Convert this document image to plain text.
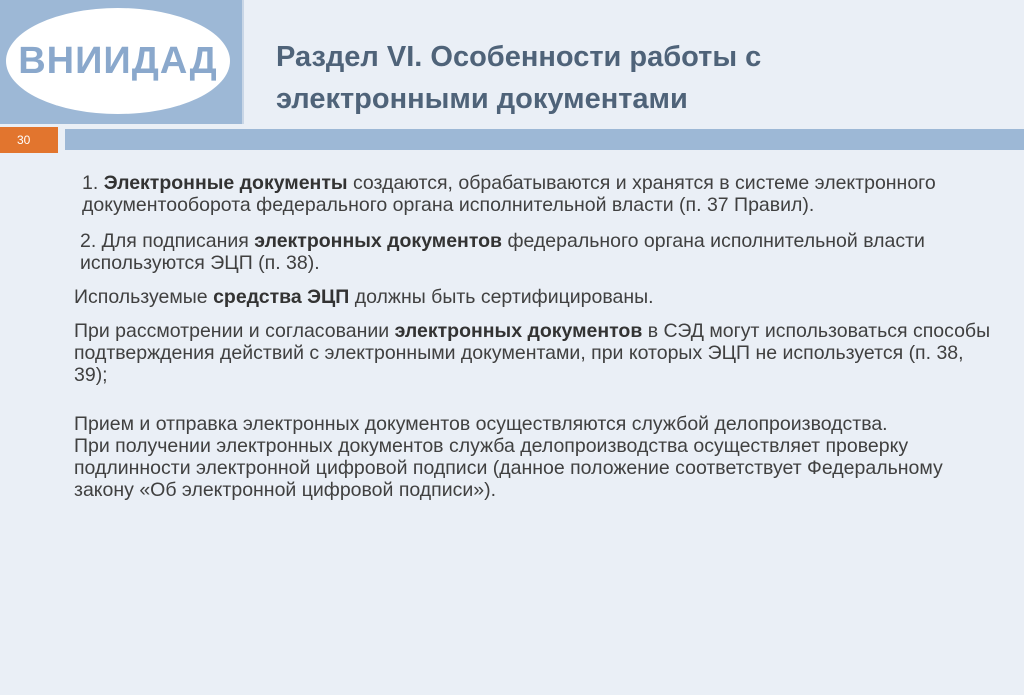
ВНИИДАД Раздел VI. Особенности работы с
электронными документами
30

1. Электронные документы создаются, обрабатываются и хранятся в системе электронного документооборота федерального органа исполнительной власти (п. 37 Правил).

2. Для подписания электронных документов федерального органа исполнительной власти используются ЭЦП (п. 38).

Используемые средства ЭЦП должны быть сертифицированы.

При рассмотрении и согласовании электронных документов в СЭД могут использоваться способы подтверждения действий с электронными документами, при которых ЭЦП не используется (п. 38, 39);

Прием и отправка электронных документов осуществляются службой делопроизводства.
При получении электронных документов служба делопроизводства осуществляет проверку подлинности электронной цифровой подписи (данное положение соответствует Федеральному закону «Об электронной цифровой подписи»).
